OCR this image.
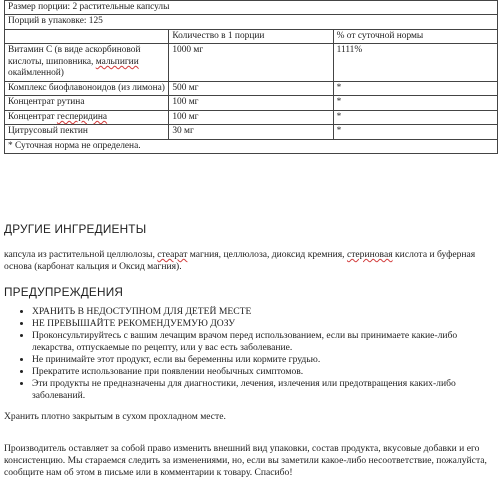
Размер порции: 2 растительные капсулы		
Порций в упаковке: 125		
	Количество в 1 порции	% от суточной нормы
Витамин С (в виде аскорбиновой кислоты, шиповника, мальпигии окаймленной)	1000 мг	1111%
Комплекс биофлавоноидов (из лимона)	500 мг	*
Концентрат рутина	100 мг	*
Концентрат гесперидина	100 мг	*
Цитрусовый пектин	30 мг	*
* Суточная норма не определена.		
ДРУГИЕ ИНГРЕДИЕНТЫ

капсула из растительной целлюлозы, стеарат магния, целлюлоза, диоксид кремния, стериновая кислота и буферная основа (карбонат кальция и Оксид магния).

ПРЕДУПРЕЖДЕНИЯ
• ХРАНИТЬ В НЕДОСТУПНОМ ДЛЯ ДЕТЕЙ МЕСТЕ
• НЕ ПРЕВЫШАЙТЕ РЕКОМЕНДУЕМУЮ ДОЗУ
• Проконсультируйтесь с вашим лечащим врачом перед использованием, если вы принимаете какие-либо лекарства, отпускаемые по рецепту, или у вас есть заболевание.
• Не принимайте этот продукт, если вы беременны или кормите грудью.
• Прекратите использование при появлении необычных симптомов.
• Эти продукты не предназначены для диагностики, лечения, излечения или предотвращения каких-либо заболеваний.

Хранить плотно закрытым в сухом прохладном месте.

Производитель оставляет за собой право изменить внешний вид упаковки, состав продукта, вкусовые добавки и его консистенцию. Мы стараемся следить за изменениями, но, если вы заметили какое-либо несоответствие, пожалуйста, сообщите нам об этом в письме или в комментарии к товару. Спасибо!
